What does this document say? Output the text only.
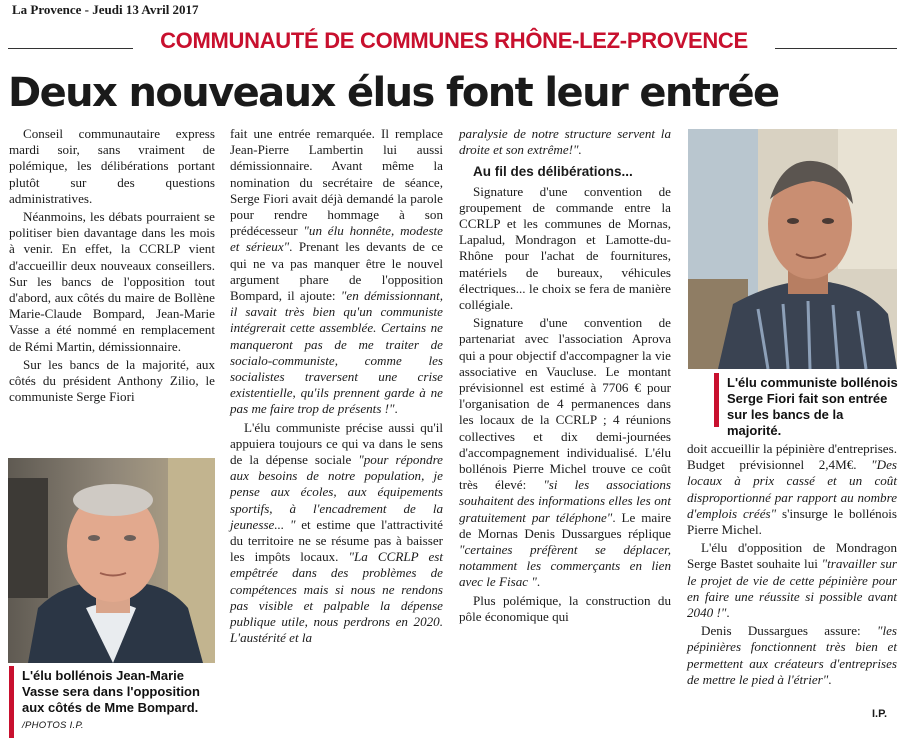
La Provence - Jeudi 13 Avril 2017
COMMUNAUTÉ DE COMMUNES RHÔNE-LEZ-PROVENCE
Deux nouveaux élus font leur entrée

Conseil communautaire express mardi soir, sans vraiment de polémique, les délibérations portant plutôt sur des questions administratives.

Néanmoins, les débats pourraient se politiser bien davantage dans les mois à venir. En effet, la CCRLP vient d'accueillir deux nouveaux conseillers. Sur les bancs de l'opposition tout d'abord, aux côtés du maire de Bollène Marie-Claude Bompard, Jean-Marie Vasse a été nommé en remplacement de Rémi Martin, démissionnaire.

Sur les bancs de la majorité, aux côtés du président Anthony Zilio, le communiste Serge Fiori

L'élu bollénois Jean-Marie Vasse sera dans l'opposition aux côtés de Mme Bompard. /PHOTOS I.P.

fait une entrée remarquée. Il remplace Jean-Pierre Lambertin lui aussi démissionnaire. Avant même la nomination du secrétaire de séance, Serge Fiori avait déjà demandé la parole pour rendre hommage à son prédécesseur "un élu honnête, modeste et sérieux". Prenant les devants de ce qui ne va pas manquer être le nouvel argument phare de l'opposition Bompard, il ajoute: "en démissionnant, il savait très bien qu'un communiste intégrerait cette assemblée. Certains ne manqueront pas de me traiter de socialo-communiste, comme les socialistes traversent une crise existentielle, qu'ils prennent garde à ne pas me faire trop de présents !".

L'élu communiste précise aussi qu'il appuiera toujours ce qui va dans le sens de la dépense sociale "pour répondre aux besoins de notre population, je pense aux écoles, aux équipements sportifs, à l'encadrement de la jeunesse... " et estime que l'attractivité du territoire ne se résume pas à baisser les impôts locaux. "La CCRLP est empêtrée dans des problèmes de compétences mais si nous ne rendons pas visible et palpable la dépense publique utile, nous perdrons en 2020. L'austérité et la

paralysie de notre structure servent la droite et son extrême!".

Au fil des délibérations...

Signature d'une convention de groupement de commande entre la CCRLP et les communes de Mornas, Lapalud, Mondragon et Lamotte-du-Rhône pour l'achat de fournitures, matériels de bureaux, véhicules électriques... le choix se fera de manière collégiale.

Signature d'une convention de partenariat avec l'association Aprova qui a pour objectif d'accompagner la vie associative en Vaucluse. Le montant prévisionnel est estimé à 7706 € pour l'organisation de 4 permanences dans les locaux de la CCRLP ; 4 réunions collectives et dix demi-journées d'accompagnement individualisé. L'élu bollénois Pierre Michel trouve ce coût très élevé: "si les associations souhaitent des informations elles les ont gratuitement par téléphone". Le maire de Mornas Denis Dussargues réplique "certaines préfèrent se déplacer, notamment les commerçants en lien avec le Fisac ".

Plus polémique, la construction du pôle économique qui

L'élu communiste bollénois Serge Fiori fait son entrée sur les bancs de la majorité.

doit accueillir la pépinière d'entreprises. Budget prévisionnel 2,4M€. "Des locaux à prix cassé et un coût disproportionné par rapport au nombre d'emplois créés" s'insurge le bollénois Pierre Michel.

L'élu d'opposition de Mondragon Serge Bastet souhaite lui "travailler sur le projet de vie de cette pépinière pour en faire une réussite si possible avant 2040 !".

Denis Dussargues assure: "les pépinières fonctionnent très bien et permettent aux créateurs d'entreprises de mettre le pied à l'étrier".

I.P.
